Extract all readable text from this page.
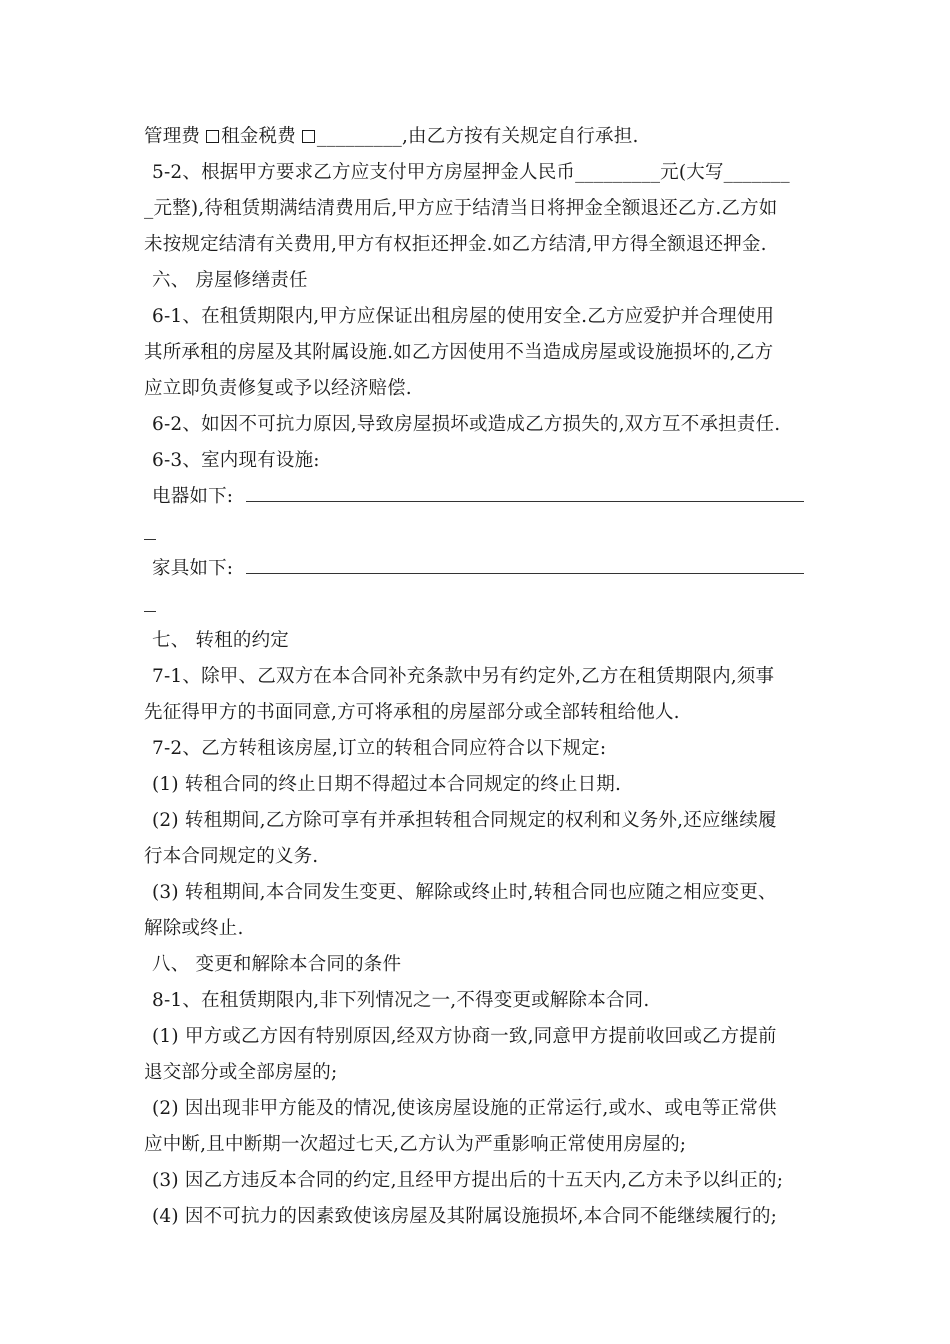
管理费 租金税费 _________,由乙方按有关规定自行承担.
5-2、根据甲方要求乙方应支付甲方房屋押金人民币_________元(大写_______
_元整),待租赁期满结清费用后,甲方应于结清当日将押金全额退还乙方.乙方如
未按规定结清有关费用,甲方有权拒还押金.如乙方结清,甲方得全额退还押金.
六、 房屋修缮责任
6-1、在租赁期限内,甲方应保证出租房屋的使用安全.乙方应爱护并合理使用
其所承租的房屋及其附属设施.如乙方因使用不当造成房屋或设施损坏的,乙方
应立即负责修复或予以经济赔偿.
6-2、如因不可抗力原因,导致房屋损坏或造成乙方损失的,双方互不承担责任.
6-3、室内现有设施:
电器如下:
家具如下:
七、 转租的约定
7-1、除甲、乙双方在本合同补充条款中另有约定外,乙方在租赁期限内,须事
先征得甲方的书面同意,方可将承租的房屋部分或全部转租给他人.
7-2、乙方转租该房屋,订立的转租合同应符合以下规定:
(1) 转租合同的终止日期不得超过本合同规定的终止日期.
(2) 转租期间,乙方除可享有并承担转租合同规定的权利和义务外,还应继续履
行本合同规定的义务.
(3) 转租期间,本合同发生变更、解除或终止时,转租合同也应随之相应变更、
解除或终止.
八、 变更和解除本合同的条件
8-1、在租赁期限内,非下列情况之一,不得变更或解除本合同.
(1) 甲方或乙方因有特别原因,经双方协商一致,同意甲方提前收回或乙方提前
退交部分或全部房屋的;
(2) 因出现非甲方能及的情况,使该房屋设施的正常运行,或水、或电等正常供
应中断,且中断期一次超过七天,乙方认为严重影响正常使用房屋的;
(3) 因乙方违反本合同的约定,且经甲方提出后的十五天内,乙方未予以纠正的;
(4) 因不可抗力的因素致使该房屋及其附属设施损坏,本合同不能继续履行的;
